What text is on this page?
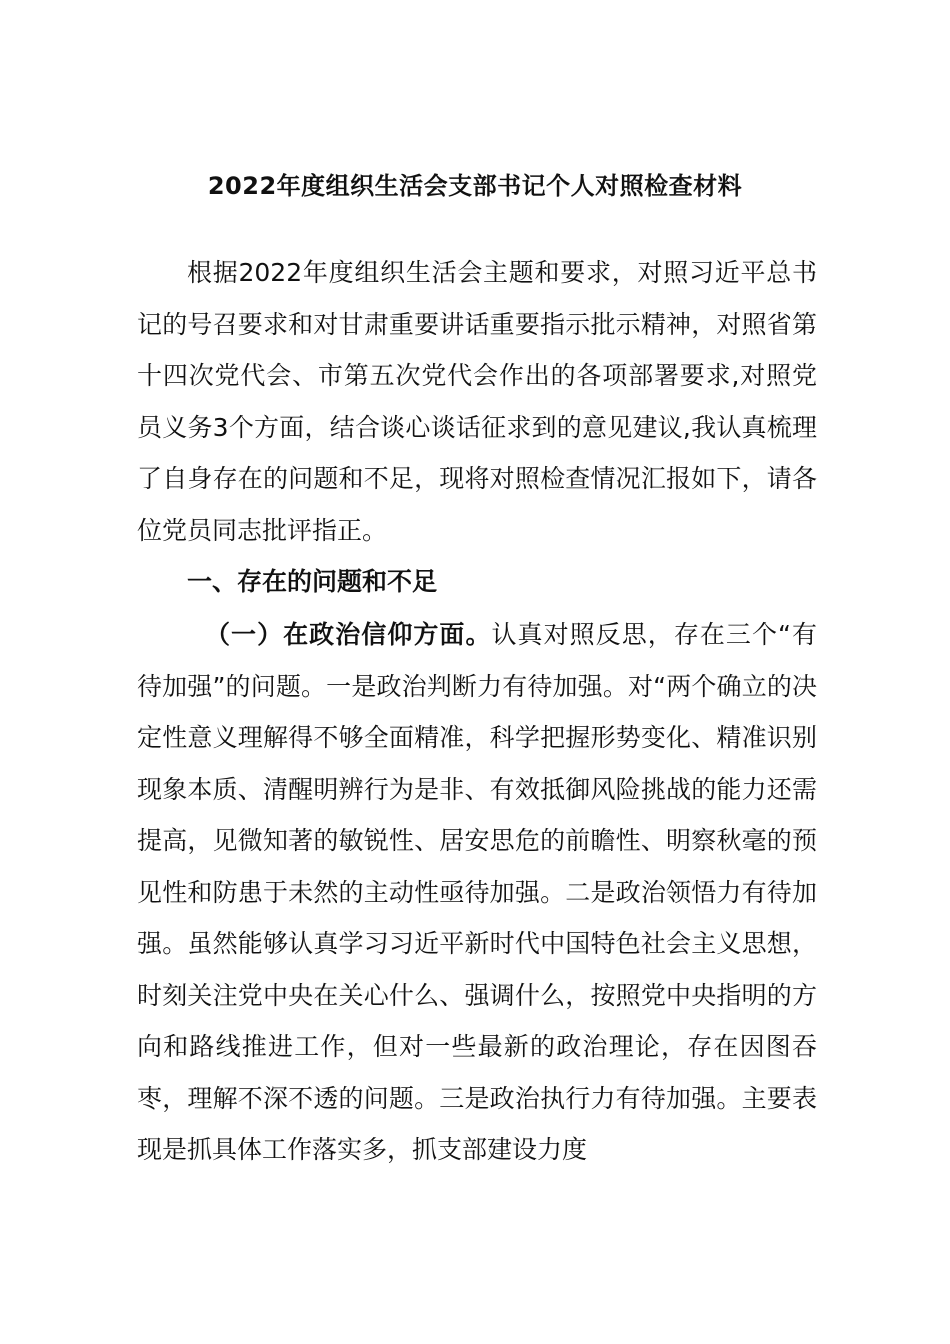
2022年度组织生活会支部书记个人对照检查材料
根据2022年度组织生活会主题和要求，对照习近平总书记的号召要求和对甘肃重要讲话重要指示批示精神，对照省第十四次党代会、市第五次党代会作出的各项部署要求,对照党员义务3个方面，结合谈心谈话征求到的意见建议,我认真梳理了自身存在的问题和不足，现将对照检查情况汇报如下，请各位党员同志批评指正。
一、存在的问题和不足
（一）在政治信仰方面。认真对照反思，存在三个“有待加强”的问题。一是政治判断力有待加强。对“两个确立的决定性意义理解得不够全面精准，科学把握形势变化、精准识别现象本质、清醒明辨行为是非、有效抵御风险挑战的能力还需提高，见微知著的敏锐性、居安思危的前瞻性、明察秋毫的预见性和防患于未然的主动性亟待加强。二是政治领悟力有待加强。虽然能够认真学习习近平新时代中国特色社会主义思想，时刻关注党中央在关心什么、强调什么，按照党中央指明的方向和路线推进工作，但对一些最新的政治理论，存在因图吞枣，理解不深不透的问题。三是政治执行力有待加强。主要表现是抓具体工作落实多，抓支部建设力度
